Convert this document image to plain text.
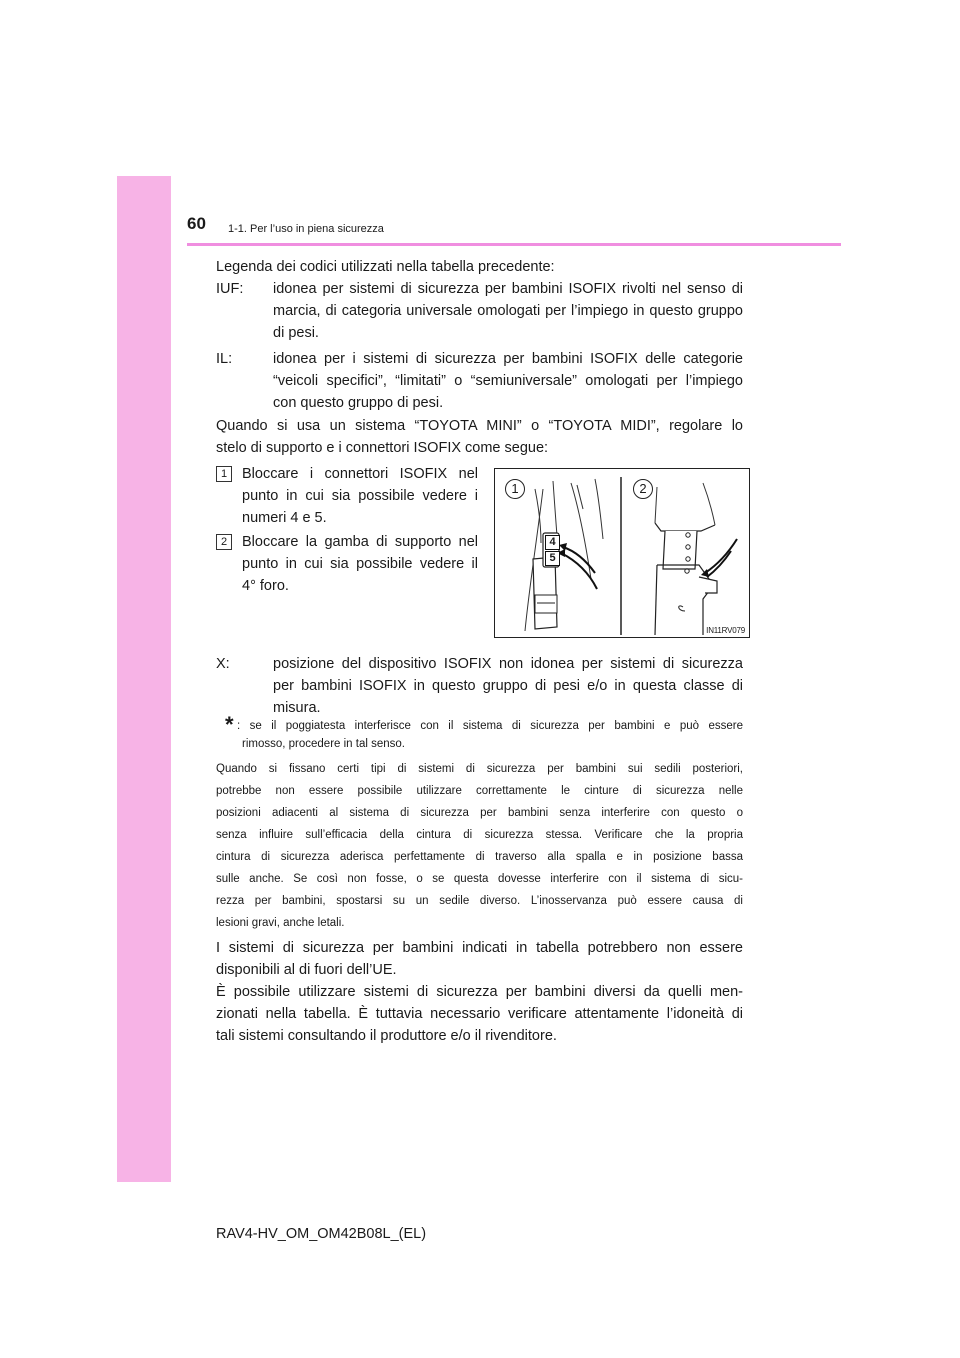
60 1-1. Per l’uso in piena sicurezza
Legenda dei codici utilizzati nella tabella precedente:
IUF: idonea per sistemi di sicurezza per bambini ISOFIX rivolti nel senso di
marcia, di categoria universale omologati per l’impiego in questo gruppo
di pesi.
IL:	idonea per i sistemi di sicurezza per bambini ISOFIX delle categorie
“veicoli specifici”, “limitati” o “semiuniversale” omologati per l’impiego
con questo gruppo di pesi.
Quando si usa un sistema “TOYOTA MINI” o “TOYOTA MIDI”, regolare lo
stelo di supporto e i connettori ISOFIX come segue:
1	Bloccare i connettori ISOFIX nel
punto in cui sia possibile vedere i
numeri 4 e 5.
2	Bloccare la gamba di supporto nel
punto in cui sia possibile vedere il
4° foro.
1	2
4
5
IN11RV079
X:	posizione del dispositivo ISOFIX non idonea per sistemi di sicurezza
per bambini ISOFIX in questo gruppo di pesi e/o in questa classe di
misura.
* : se il poggiatesta interferisce con il sistema di sicurezza per bambini e può essere
rimosso, procedere in tal senso.
Quando si fissano certi tipi di sistemi di sicurezza per bambini sui sedili posteriori,
potrebbe non essere possibile utilizzare correttamente le cinture di sicurezza nelle
posizioni adiacenti al sistema di sicurezza per bambini senza interferire con questo o
senza influire sull’efficacia della cintura di sicurezza stessa. Verificare che la propria
cintura di sicurezza aderisca perfettamente di traverso alla spalla e in posizione bassa
sulle anche. Se così non fosse, o se questa dovesse interferire con il sistema di sicu-
rezza per bambini, spostarsi su un sedile diverso. L’inosservanza può essere causa di
lesioni gravi, anche letali.
I sistemi di sicurezza per bambini indicati in tabella potrebbero non essere
disponibili al di fuori dell’UE.
È possibile utilizzare sistemi di sicurezza per bambini diversi da quelli men-
zionati nella tabella. È tuttavia necessario verificare attentamente l’idoneità di
tali sistemi consultando il produttore e/o il rivenditore.
RAV4-HV_OM_OM42B08L_(EL)
